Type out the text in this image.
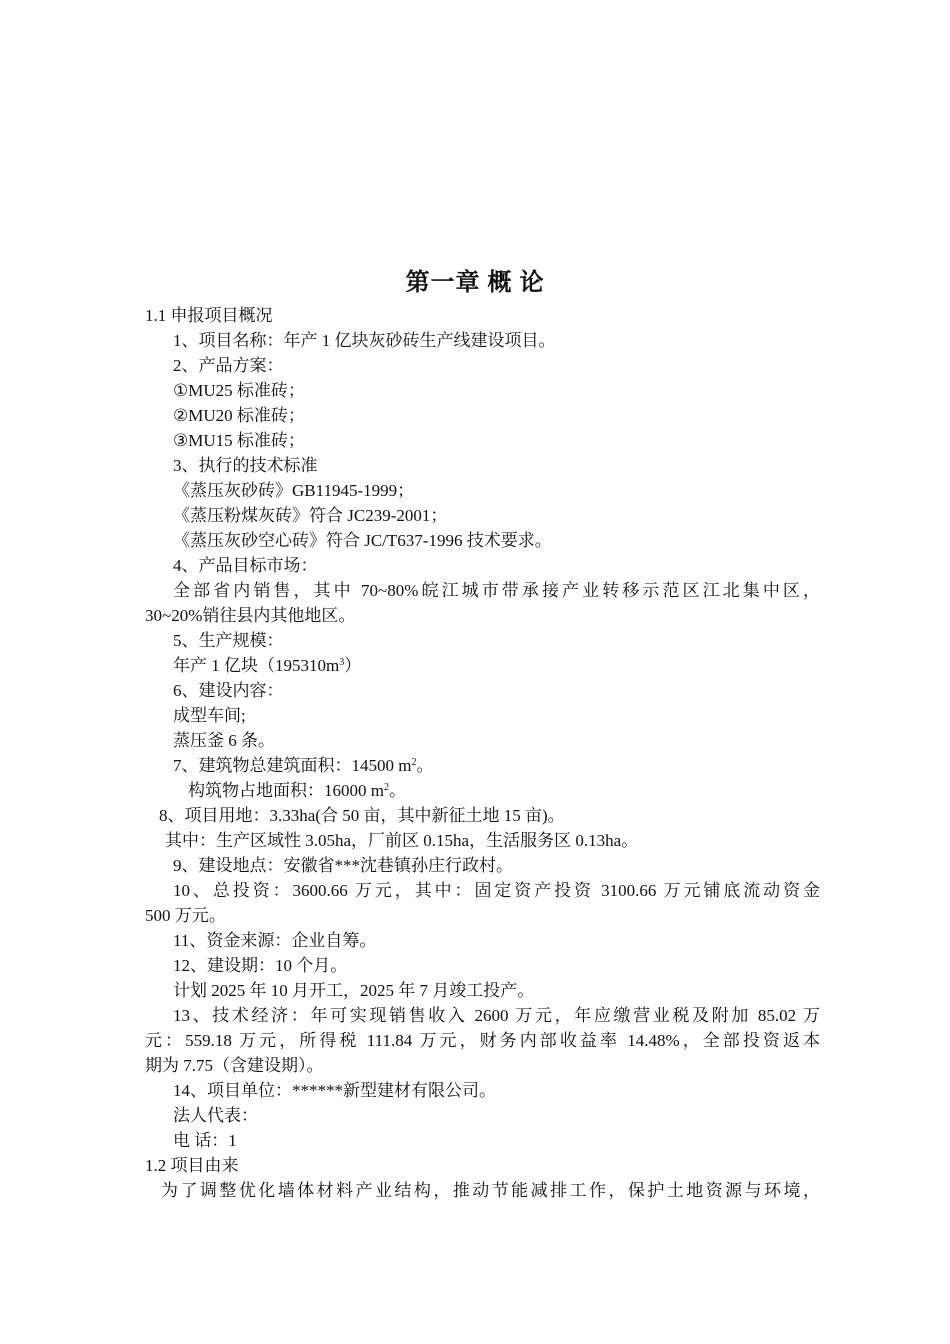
第一章 概 论

1.1 申报项目概况

1、项目名称：年产 1 亿块灰砂砖生产线建设项目。

2、产品方案：

①MU25 标准砖；

②MU20 标准砖；

③MU15 标准砖；

3、执行的技术标准

《蒸压灰砂砖》GB11945-1999；

《蒸压粉煤灰砖》符合 JC239-2001；

《蒸压灰砂空心砖》符合 JC/T637-1996 技术要求。

4、产品目标市场：

全部省内销售，其中 70~80%皖江城市带承接产业转移示范区江北集中区，

30~20%销往县内其他地区。

5、生产规模：

年产 1 亿块$(195310m^3)$

6、建设内容：

成型车间;

蒸压釜 6 条。

7、建筑物总建筑面积：14500 $m^2$。

构筑物占地面积：16000 $m^2$。

8、项目用地：3.33ha(合 50 亩，其中新征土地 15 亩)。

其中：生产区域性 3.05ha，厂前区 0.15ha，生活服务区 0.13ha。

9、建设地点：安徽省***沈巷镇孙庄行政村。

10、总投资：3600.66 万元，其中：固定资产投资 3100.66 万元铺底流动资金

500 万元。

11、资金来源：企业自筹。

12、建设期：10 个月。

计划 2025 年 10 月开工，2025 年 7 月竣工投产。

13、技术经济：年可实现销售收入 2600 万元，年应缴营业税及附加 85.02 万

元：559.18 万元，所得税 111.84 万元，财务内部收益率 14.48%，全部投资返本

期为 7.75（含建设期）。

14、项目单位：******新型建材有限公司。

法人代表：

电 话：1

1.2 项目由来

为了调整优化墙体材料产业结构，推动节能减排工作，保护土地资源与环境，
